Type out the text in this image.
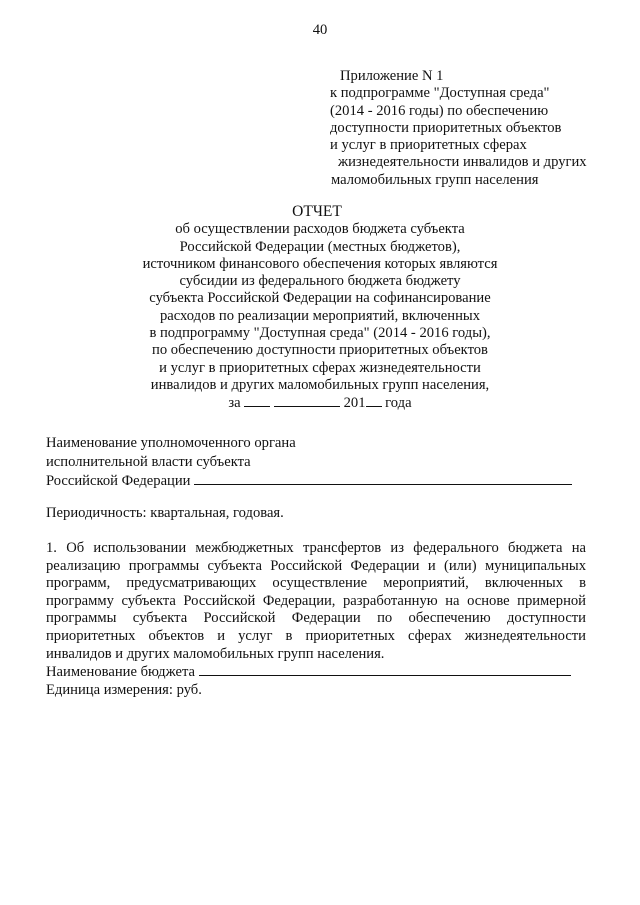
40
Приложение N 1
к подпрограмме "Доступная среда"
(2014 - 2016 годы) по обеспечению
доступности приоритетных объектов
и услуг в приоритетных сферах
жизнедеятельности инвалидов и других
маломобильных групп населения
ОТЧЕТ
об осуществлении расходов бюджета субъекта
Российской Федерации (местных бюджетов),
источником финансового обеспечения которых являются
субсидии из федерального бюджета бюджету
субъекта Российской Федерации на софинансирование
расходов по реализации мероприятий, включенных
в подпрограмму "Доступная среда" (2014 - 2016 годы),
по обеспечению доступности приоритетных объектов
и услуг в приоритетных сферах жизнедеятельности
инвалидов и других маломобильных групп населения,
за	201 года
Наименование уполномоченного органа
исполнительной власти субъекта
Российской Федерации
Периодичность: квартальная, годовая.
1. Об использовании межбюджетных трансфертов из федерального бюджета на
реализацию программы субъекта Российской Федерации и (или) муниципальных
программ, предусматривающих осуществление мероприятий, включенных в
программу субъекта Российской Федерации, разработанную на основе примерной
программы субъекта Российской Федерации по обеспечению доступности
приоритетных объектов и услуг в приоритетных сферах жизнедеятельности
инвалидов и других маломобильных групп населения.
Наименование бюджета
Единица измерения: руб.
